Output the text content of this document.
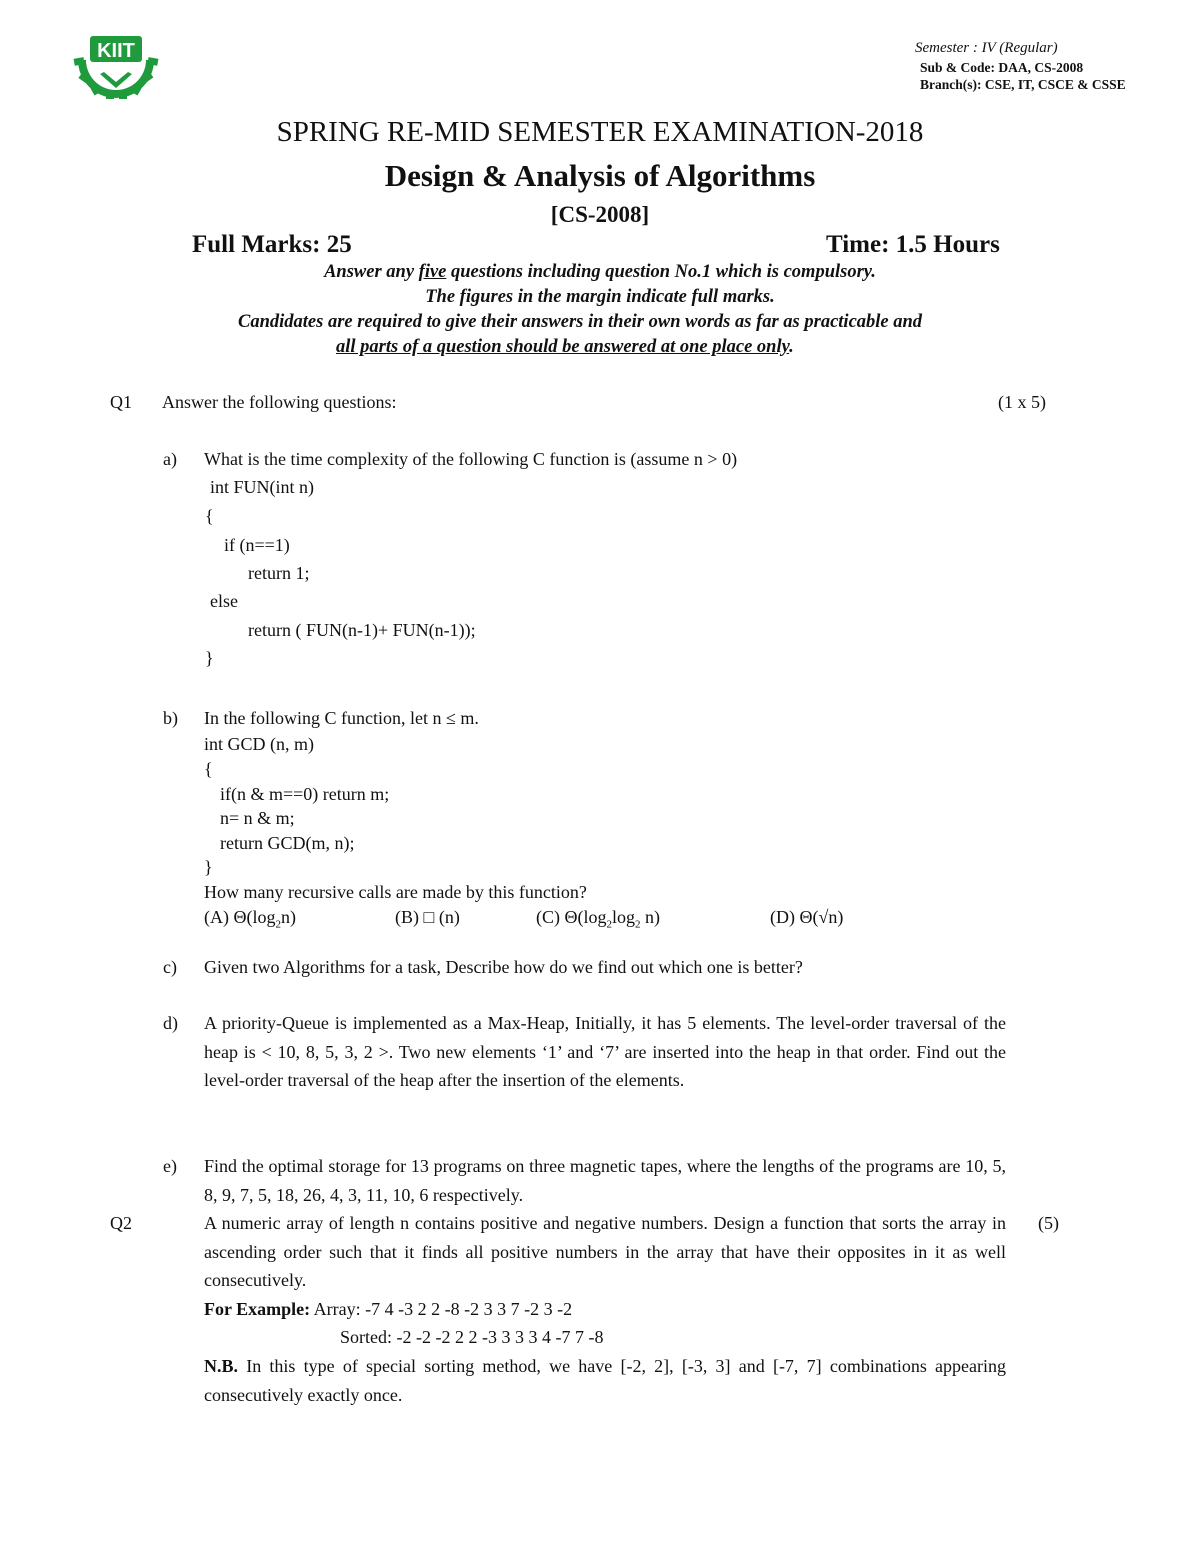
KIIT	Semester : IV (Regular)
Sub & Code: DAA, CS-2008
Branch(s): CSE, IT, CSCE & CSSE
SPRING RE-MID SEMESTER EXAMINATION-2018
Design & Analysis of Algorithms
[CS-2008]
Full Marks: 25	Time: 1.5 Hours
Answer any five questions including question No.1 which is compulsory.
The figures in the margin indicate full marks.
Candidates are required to give their answers in their own words as far as practicable and
all parts of a question should be answered at one place only.
Q1 Answer the following questions:	(1 x 5)
a) What is the time complexity of the following C function is (assume n > 0)
int FUN(int n)
{
if (n==1)
return 1;
else
return ( FUN(n-1)+ FUN(n-1));
}
b) In the following C function, let n ≤ m.
int GCD (n, m)
{
if(n & m==0) return m;
n= n & m;
return GCD(m, n);
}
How many recursive calls are made by this function?
(A) $\Theta(\log_2n)$	(B) □ (n)	(C) $\Theta(\log_2\log_2$ n)	(D) Θ(√n)
c) Given two Algorithms for a task, Describe how do we find out which one is better?
d) A priority-Queue is implemented as a Max-Heap, Initially, it has 5 elements. The level-order traversal of the heap is < 10, 8, 5, 3, 2 >. Two new elements ‘1’ and ‘7’ are inserted into the heap in that order. Find out the level-order traversal of the heap after the insertion of the elements.
e) Find the optimal storage for 13 programs on three magnetic tapes, where the lengths of the programs are 10, 5, 8, 9, 7, 5, 18, 26, 4, 3, 11, 10, 6 respectively.
Q2	(5)
A numeric array of length n contains positive and negative numbers. Design a function that sorts the array in ascending order such that it finds all positive numbers in the array that have their opposites in it as well consecutively.
For Example: Array: -7 4 -3 2 2 -8 -2 3 3 7 -2 3 -2
Sorted: -2 -2 -2 2 2 -3 3 3 3 4 -7 7 -8
N.B. In this type of special sorting method, we have [-2, 2], [-3, 3] and [-7, 7] combinations appearing consecutively exactly once.
